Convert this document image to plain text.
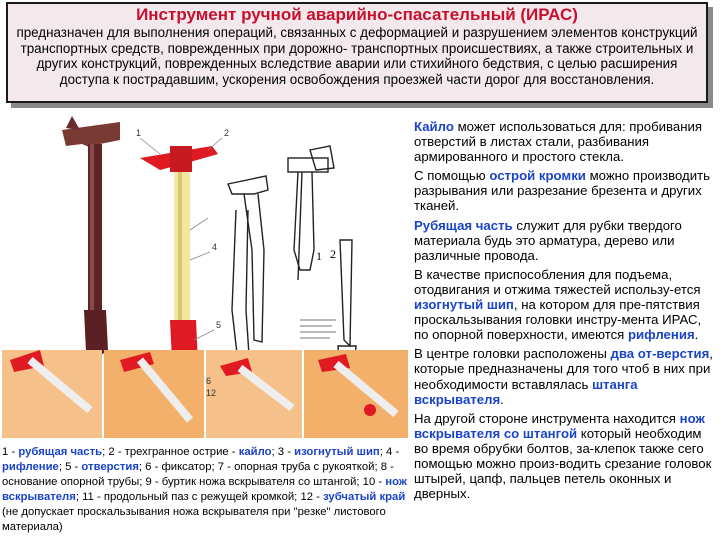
Инструмент ручной аварийно-спасательный (ИРАС)
предназначен для выполнения операций, связанных с деформацией и разрушением элементов конструкций транспортных средств, поврежденных при дорожно- транспортных происшествиях, а также строительных и других конструкций, поврежденных вследствие аварии или стихийного бедствия, с целью расширения доступа к пострадавшим, ускорения освобождения проезжей части дорог для восстановления.
1 2
1	2
4
5
6
12

Кайло может использоваться для: пробивания отверстий в листах стали, разбивания армированного и простого стекла.

С помощью острой кромки можно производить разрывания или разрезание брезента и других тканей.

Рубящая часть служит для рубки твердого материала будь это арматура, дерево или различные провода.

В качестве приспособления для подъема, отодвигания и отжима тяжестей использу-ется изогнутый шип, на котором для пре-пятствия проскальзывания головки инстру-мента ИРАС, по опорной поверхности, имеются рифления.

В центре головки расположены два от-верстия, которые предназначены для того чтоб в них при необходимости вставлялась штанга вскрывателя.

На другой стороне инструмента находится нож вскрывателя со штангой который необходим во время обрубки болтов, за-клепок также сего помощью можно произ-водить срезание головок штырей, цапф, пальцев петель оконных и дверных.

1 - рубящая часть; 2 - трехгранное острие - кайло; 3 - изогнутый шип; 4 - рифление; 5 - отверстия; 6 - фиксатор; 7 - опорная труба с рукояткой; 8 - основание опорной трубы; 9 - буртик ножа вскрывателя со штангой; 10 - нож вскрывателя; 11 - продольный паз с режущей кромкой; 12 - зубчатый край (не допускает проскальзывания ножа вскрывателя при "резке" листового материала)
